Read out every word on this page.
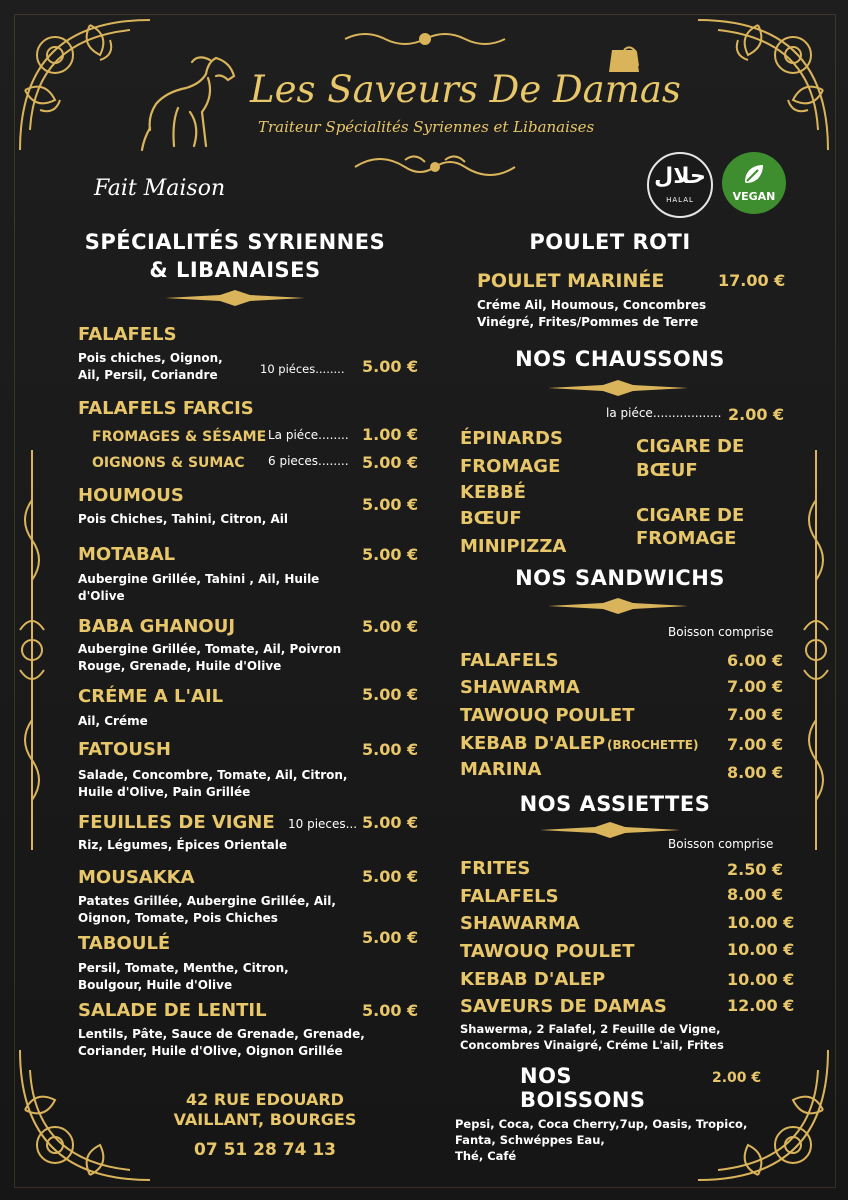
Les Saveurs De Damas
Traiteur Spécialités Syriennes et Libanaises
Fait Maison	حلال
HALAL	VEGAN
SPÉCIALITÉS SYRIENNES
& LIBANAISES
FALAFELS
Pois chiches, Oignon,
Ail, Persil, Coriandre	10 piéces........ 5.00 €
FALAFELS FARCIS
FROMAGES & SÉSAME La piéce........ 1.00 €
OIGNONS & SUMAC 6 pieces........ 5.00 €
HOUMOUS
Pois Chiches, Tahini, Citron, Ail
5.00 €
MOTABAL
Aubergine Grillée, Tahini , Ail, Huile
d'Olive
5.00 €
BABA GHANOUJ
Aubergine Grillée, Tomate, Ail, Poivron
Rouge, Grenade, Huile d'Olive
5.00 €
CRÉME A L'AIL
Ail, Créme
5.00 €
FATOUSH
Salade, Concombre, Tomate, Ail, Citron,
Huile d'Olive, Pain Grillée
5.00 €
FEUILLES DE VIGNE 10 pieces...
Riz, Légumes, Épices Orientale
5.00 €
MOUSAKKA
Patates Grillée, Aubergine Grillée, Ail,
Oignon, Tomate, Pois Chiches
5.00 €
TABOULÉ
Persil, Tomate, Menthe, Citron,
Boulgour, Huile d'Olive
5.00 €
SALADE DE LENTIL
Lentils, Pâte, Sauce de Grenade, Grenade,
Coriander, Huile d'Olive, Oignon Grillée
5.00 €
42 RUE EDOUARD
VAILLANT, BOURGES
07 51 28 74 13
POULET ROTI
POULET MARINÉE	17.00 €
Créme Ail, Houmous, Concombres
Vinégré, Frites/Pommes de Terre
NOS CHAUSSONS
la piéce.................. 2.00 €
ÉPINARDS
FROMAGE
KEBBÉ
BŒUF
MINIPIZZA
CIGARE DE
BŒUF
CIGARE DE
FROMAGE
NOS SANDWICHS
Boisson comprise
FALAFELS	6.00 €
SHAWARMA	7.00 €
TAWOUQ POULET	7.00 €
KEBAB D'ALEP (BROCHETTE) 7.00 €
MARINA	8.00 €
NOS ASSIETTES
Boisson comprise
FRITES	2.50 €
FALAFELS	8.00 €
SHAWARMA	10.00 €
TAWOUQ POULET	10.00 €
KEBAB D'ALEP	10.00 €
SAVEURS DE DAMAS	12.00 €
Shawerma, 2 Falafel, 2 Feuille de Vigne,
Concombres Vinaigré, Créme L'ail, Frites
NOS BOISSONS
2.00 €
Pepsi, Coca, Coca Cherry,7up, Oasis, Tropico,
Fanta, Schwéppes Eau,
Thé, Café
